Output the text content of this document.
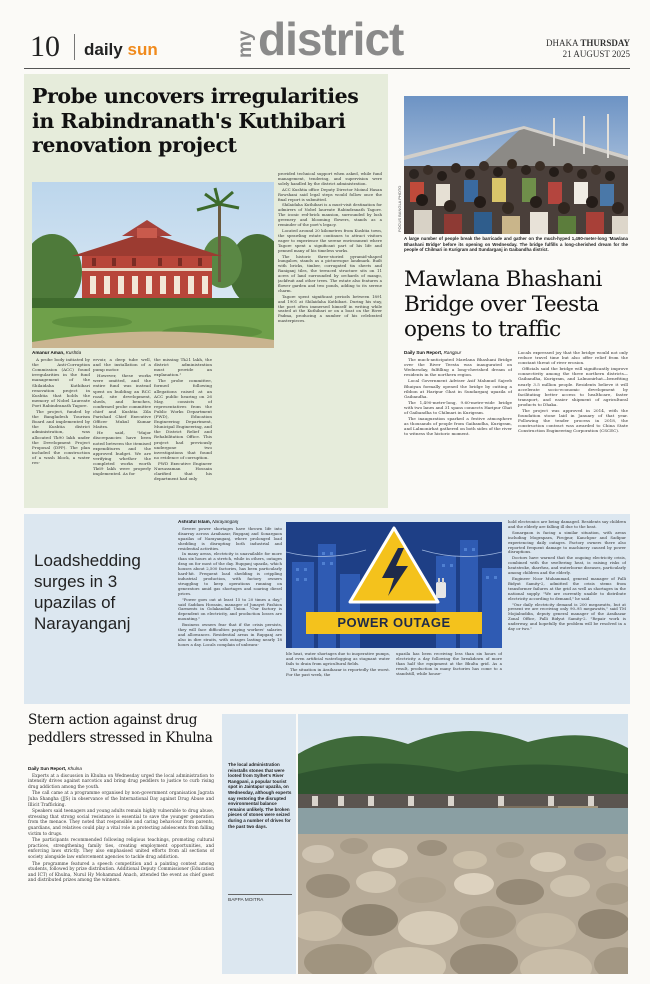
10 daily sun	my district	DHAKA THURSDAY
21 AUGUST 2025
Probe uncovers irregularities in Rabindranath's Kuthibari renovation project
Amanur Aman, Kushtia

A probe body initiated by the Anti-Corruption Commission (ACC) found irregularities in the fund management of the Shilaidaha Kuthibari renovation project in Kushtia that holds the memory of Nobel Laureate Poet Rabindranath Tagore.

The project, funded by the Bangladesh Tourism Board and implemented by the Kushtia district administration, was allocated Tk90 lakh under the Development Project Proposal (DPP). The plan included the construction of a wash block, a water res-

ervoir, a deep tube well, and the installation of a pump motor.

However, these works were omitted, and the entire fund was instead spent on building an RCC road, site development, sheds, and benches, confirmed probe committee chief and Kushtia Zila Parishad Chief Executive Officer Mukul Kumar Maitra.

He said, "Major discrepancies have been noted between the itemised expenditures and the approved budget. We are verifying whether the completed works worth Tk69 lakh were properly implemented. As for

the missing Tk21 lakh, the district administration must provide an explanation."

The probe committee, formed following allegations raised at an ACC public hearing on 26 May, consists of representatives from the Public Works Department (PWD), Education Engineering Department, Municipal Engineering, and the District Relief and Rehabilitation Office. This project had previously undergone two investigations that found no evidence of corruption.

PWD Executive Engineer Nuruzzaman Hossain clarified that his department had only

provided technical support when asked, while fund management, tendering, and supervision were solely handled by the district administration.

ACC Kushtia office Deputy Director Moinul Hasan Rowshani said legal steps would follow once the final report is submitted.

Shilaidaha Kuthibari is a must-visit destination for admirers of Nobel laureate Rabindranath Tagore. The iconic red-brick mansion, surrounded by lush greenery and blooming flowers, stands as a reminder of the poet's legacy.

Located around 20 kilometres from Kushtia town, the sprawling estate continues to attract visitors eager to experience the serene environment where Tagore spent a significant part of his life and penned many of his timeless works.

The historic three-storied pyramid-shaped bungalow, stands as a picturesque landmark. Built with bricks, timber, corrugated tin sheets and Raniganj tiles, the terraced structure sits on 11 acres of land surrounded by orchards of mango, jackfruit and other trees. The estate also features a flower garden and two ponds, adding to its serene charm.

Tagore spent significant periods between 1891 and 1901 at Shilaidaha Kuthibari. During his stay, the poet often immersed himself in writing while seated at the Kuthibari or on a boat on the River Padma, producing a number of his celebrated masterpieces.

FOCUS BANGLA PHOTO
A large number of people break the barricade and gather on the much-hyped 1,490-meter-long 'Mawlana Bhashani Bridge' before its opening on Wednesday. The bridge fulfills a long-cherished dream for the people of Chilmari in Kurigram and Sundarganj in Gaibandha district.
Mawlana Bhashani Bridge over Teesta opens to traffic
Daily Sun Report, Rangpur

The much-anticipated Mawlana Bhashani Bridge over the River Teesta was inaugurated on Wednesday, fulfilling a long-cherished dream of residents in the northern region.

Local Government Adviser Asif Mahmud Sajeeb Bhuiyan formally opened the bridge by cutting a ribbon at Haripur Ghat in Sundarganj upazila of Gaibandha.

The 1,490-metre-long, 9.60-metre-wide bridge with two lanes and 31 spans connects Haripur Ghat of Gaibandha to Chilmari in Kurigram.

The inauguration sparked a festive atmosphere as thousands of people from Gaibandha, Kurigram, and Lalmonirhat gathered on both sides of the river to witness the historic moment.

Locals expressed joy that the bridge would not only reduce travel time but also offer relief from the constant threat of river erosion.

Officials said the bridge will significantly improve connectivity among the three northern districts—Gaibandha, Kurigram, and Lalmonirhat—benefiting nearly 3.5 million people. Residents believe it will accelerate socio-economic development by facilitating better access to healthcare, faster transport, and easier shipment of agricultural products to Dhaka.

The project was approved in 2014, with the foundation stone laid in January of that year. Following the tender process in 2018, the construction contract was awarded to China State Construction Engineering Corporation (CSCEC).

Loadshedding surges in 3 upazilas of Narayanganj
Ashraful Islam, Narayanganj

Severe power shortages have thrown life into disarray across Araihazar, Rupganj and Sonargaon upazilas of Narayanganj, where prolonged load shedding is disrupting both industrial and residential activities.

In many areas, electricity is unavailable for more than six hours at a stretch, while in others, outages drag on for most of the day. Rupganj upazila, which houses about 2,500 factories, has been particularly hard-hit. Frequent load shedding is crippling industrial production, with factory owners struggling to keep operations running on generators amid gas shortages and soaring diesel prices.

"Power goes out at least 15 to 20 times a day," said Saddam Hossain, manager of Junayet Fashion Garments in Golakandail Union. "Our factory is dependent on electricity, and production losses are mounting."

Business owners fear that if the crisis persists, they will face difficulties paying workers' salaries and allowances. Residential areas in Rupganj are also in dire straits, with outages lasting nearly 18 hours a day. Locals complain of unbeara-

POWER OUTAGE

ble heat, water shortages due to inoperative pumps, and even artificial waterlogging as stagnant water fails to drain from agricultural fields.

The situation in Araihazar is reportedly the worst. For the past week, the

upazila has been receiving less than six hours of electricity a day following the breakdown of more than half the equipment at the Bhulta grid. As a result, production in many factories has come to a standstill, while house-

hold electronics are being damaged. Residents say children and the elderly are falling ill due to the heat.

Sonargaon is facing a similar situation, with areas including Mograpara, Pirojpur, Kanchpur and Sadipur experiencing daily outages. Factory owners there also reported frequent damage to machinery caused by power disruptions.

Doctors have warned that the ongoing electricity crisis, combined with the sweltering heat, is raising risks of heatstroke, diarrhea, and waterborne diseases, particularly among children and the elderly.

Engineer Noor Muhammad, general manager of Palli Bidyut Samity-2, admitted the crisis stems from transformer failures at the grid as well as shortages in the national supply. "We are currently unable to distribute electricity according to demand," he said.

"Our daily electricity demand is 200 megawatts, but at present we are receiving only 90–95 megawatts," said TM Mojiabuddin, deputy general manager of the Araihazar Zonal Office, Palli Bidyut Samity-2. "Repair work is underway, and hopefully the problem will be resolved in a day or two."

Stern action against drug peddlers stressed in Khulna
Daily Sun Report, Khulna

Experts at a discussion in Khulna on Wednesday urged the local administration to intensify drives against narcotics and bring drug peddlers to justice to curb rising drug addiction among the youth.

The call came at a programme organised by non-government organisation Jagrata Juba Shangha (JJS) in observance of the International Day against Drug Abuse and Illicit Trafficking.

Speakers said teenagers and young adults remain highly vulnerable to drug abuse, stressing that strong social resistance is essential to save the younger generation from the menace. They noted that responsible and caring behaviour from parents, guardians, and relatives could play a vital role in protecting adolescents from falling victim to drugs.

The participants recommended following religious teachings, promoting cultural practices, strengthening family ties, creating employment opportunities, and enforcing laws strictly. They also emphasised united efforts from all sections of society alongside law enforcement agencies to tackle drug addiction.

The programme featured a speech competition and a painting contest among students, followed by prize distribution. Additional Deputy Commissioner (Education and ICT) of Khulna, Nurul Hy Mohammad Anach, attended the event as chief guest and distributed prizes among the winners.

The local administration reinstalls stones that were looted from Sylhet's River Rangpani, a popular tourist spot in Jaintapur upazila, on Wednesday, although experts say restoring the disrupted environmental balance remains unlikely. The broken pieces of stones were seized during a number of drives for the past two days.
BAPPA MOITRA
